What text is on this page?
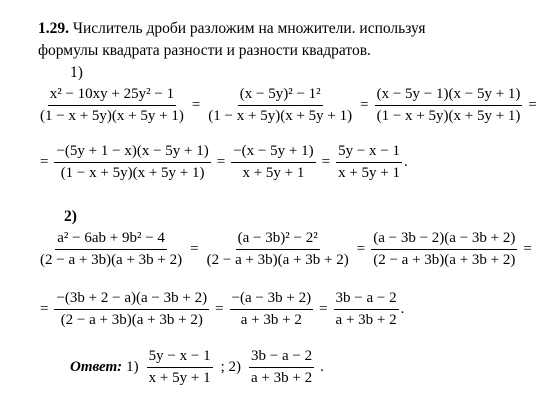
1.29. Числитель дроби разложим на множители. используя
формулы квадрата разности и разности квадратов.
1)
$\frac{\text{x² − 10xy + 25y² − 1}}{(1 - x + 5y)(x + 5y + 1)} = \frac{\text{(x − 5y)² − 1²}}{(1 - x + 5y)(x + 5y + 1)} = \frac{(x - 5y - 1)(x - 5y + 1)}{(1 - x + 5y)(x + 5y + 1)}$ =
= $\frac{-(5y + 1 - x)(x - 5y + 1)}{(1 - x + 5y)(x + 5y + 1)} = \frac{-(x - 5y + 1)}{x + 5y + 1} = \frac{5y - x - 1}{x + 5y + 1}$ .
2)
$\frac{\text{a² − 6ab + 9b² − 4}}{(2 - a + 3b)(a + 3b + 2)} = \frac{\text{(a − 3b)² − 2²}}{(2 - a + 3b)(a + 3b + 2)} = \frac{(a - 3b - 2)(a - 3b + 2)}{(2 - a + 3b)(a + 3b + 2)}$ =
= $\frac{-(3b + 2 - a)(a - 3b + 2)}{(2 - a + 3b)(a + 3b + 2)} = \frac{-(a - 3b + 2)}{a + 3b + 2} = \frac{3b - a - 2}{a + 3b + 2}$ .
Ответ: $1) \frac{5y - x - 1}{x + 5y + 1}$ ; $2) \frac{3b - a - 2}{a + 3b + 2}$ .
